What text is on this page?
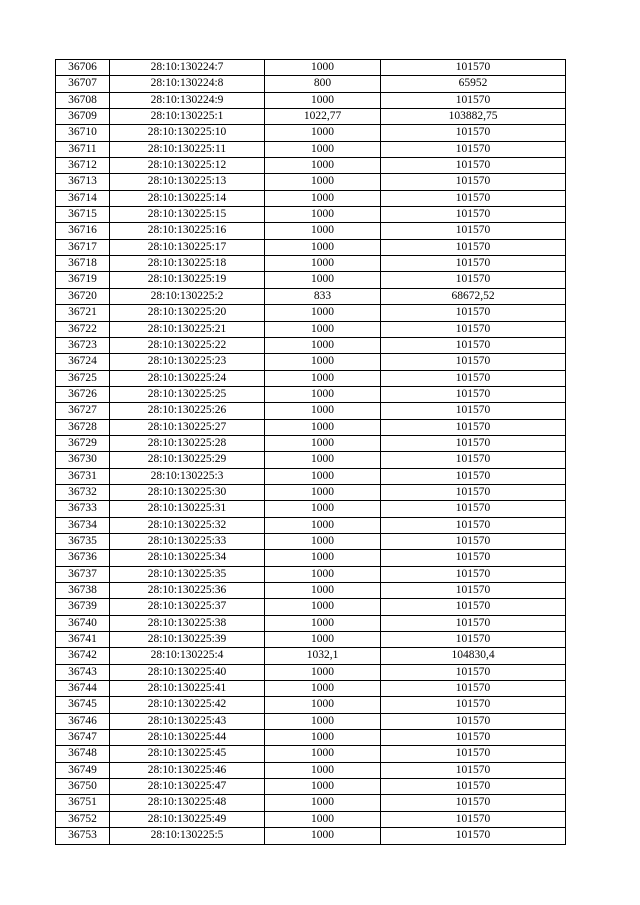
36706	28:10:130224:7	1000	101570
36707	28:10:130224:8	800	65952
36708	28:10:130224:9	1000	101570
36709	28:10:130225:1	1022,77	103882,75
36710	28:10:130225:10	1000	101570
36711	28:10:130225:11	1000	101570
36712	28:10:130225:12	1000	101570
36713	28:10:130225:13	1000	101570
36714	28:10:130225:14	1000	101570
36715	28:10:130225:15	1000	101570
36716	28:10:130225:16	1000	101570
36717	28:10:130225:17	1000	101570
36718	28:10:130225:18	1000	101570
36719	28:10:130225:19	1000	101570
36720	28:10:130225:2	833	68672,52
36721	28:10:130225:20	1000	101570
36722	28:10:130225:21	1000	101570
36723	28:10:130225:22	1000	101570
36724	28:10:130225:23	1000	101570
36725	28:10:130225:24	1000	101570
36726	28:10:130225:25	1000	101570
36727	28:10:130225:26	1000	101570
36728	28:10:130225:27	1000	101570
36729	28:10:130225:28	1000	101570
36730	28:10:130225:29	1000	101570
36731	28:10:130225:3	1000	101570
36732	28:10:130225:30	1000	101570
36733	28:10:130225:31	1000	101570
36734	28:10:130225:32	1000	101570
36735	28:10:130225:33	1000	101570
36736	28:10:130225:34	1000	101570
36737	28:10:130225:35	1000	101570
36738	28:10:130225:36	1000	101570
36739	28:10:130225:37	1000	101570
36740	28:10:130225:38	1000	101570
36741	28:10:130225:39	1000	101570
36742	28:10:130225:4	1032,1	104830,4
36743	28:10:130225:40	1000	101570
36744	28:10:130225:41	1000	101570
36745	28:10:130225:42	1000	101570
36746	28:10:130225:43	1000	101570
36747	28:10:130225:44	1000	101570
36748	28:10:130225:45	1000	101570
36749	28:10:130225:46	1000	101570
36750	28:10:130225:47	1000	101570
36751	28:10:130225:48	1000	101570
36752	28:10:130225:49	1000	101570
36753	28:10:130225:5	1000	101570
